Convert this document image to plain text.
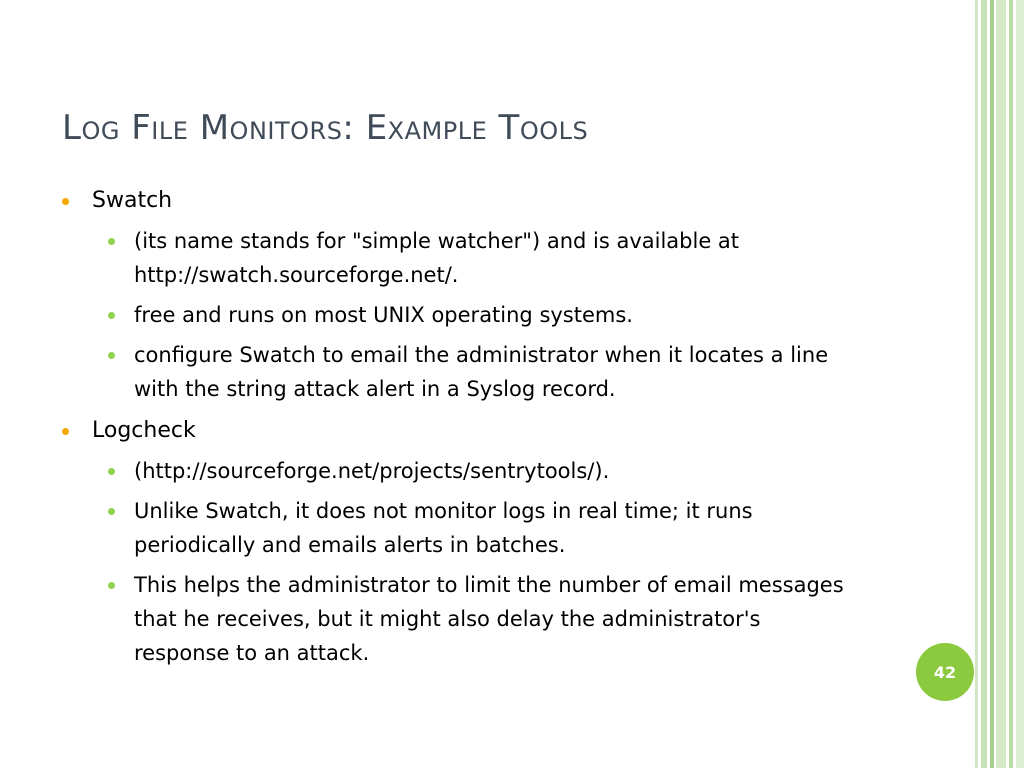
Log File Monitors: Example Tools
Swatch
(its name stands for "simple watcher") and is available at http://swatch.sourceforge.net/.
free and runs on most UNIX operating systems.
configure Swatch to email the administrator when it locates a line with the string attack alert in a Syslog record.
Logcheck
(http://sourceforge.net/projects/sentrytools/).
Unlike Swatch, it does not monitor logs in real time; it runs periodically and emails alerts in batches.
This helps the administrator to limit the number of email messages that he receives, but it might also delay the administrator's response to an attack.
42
